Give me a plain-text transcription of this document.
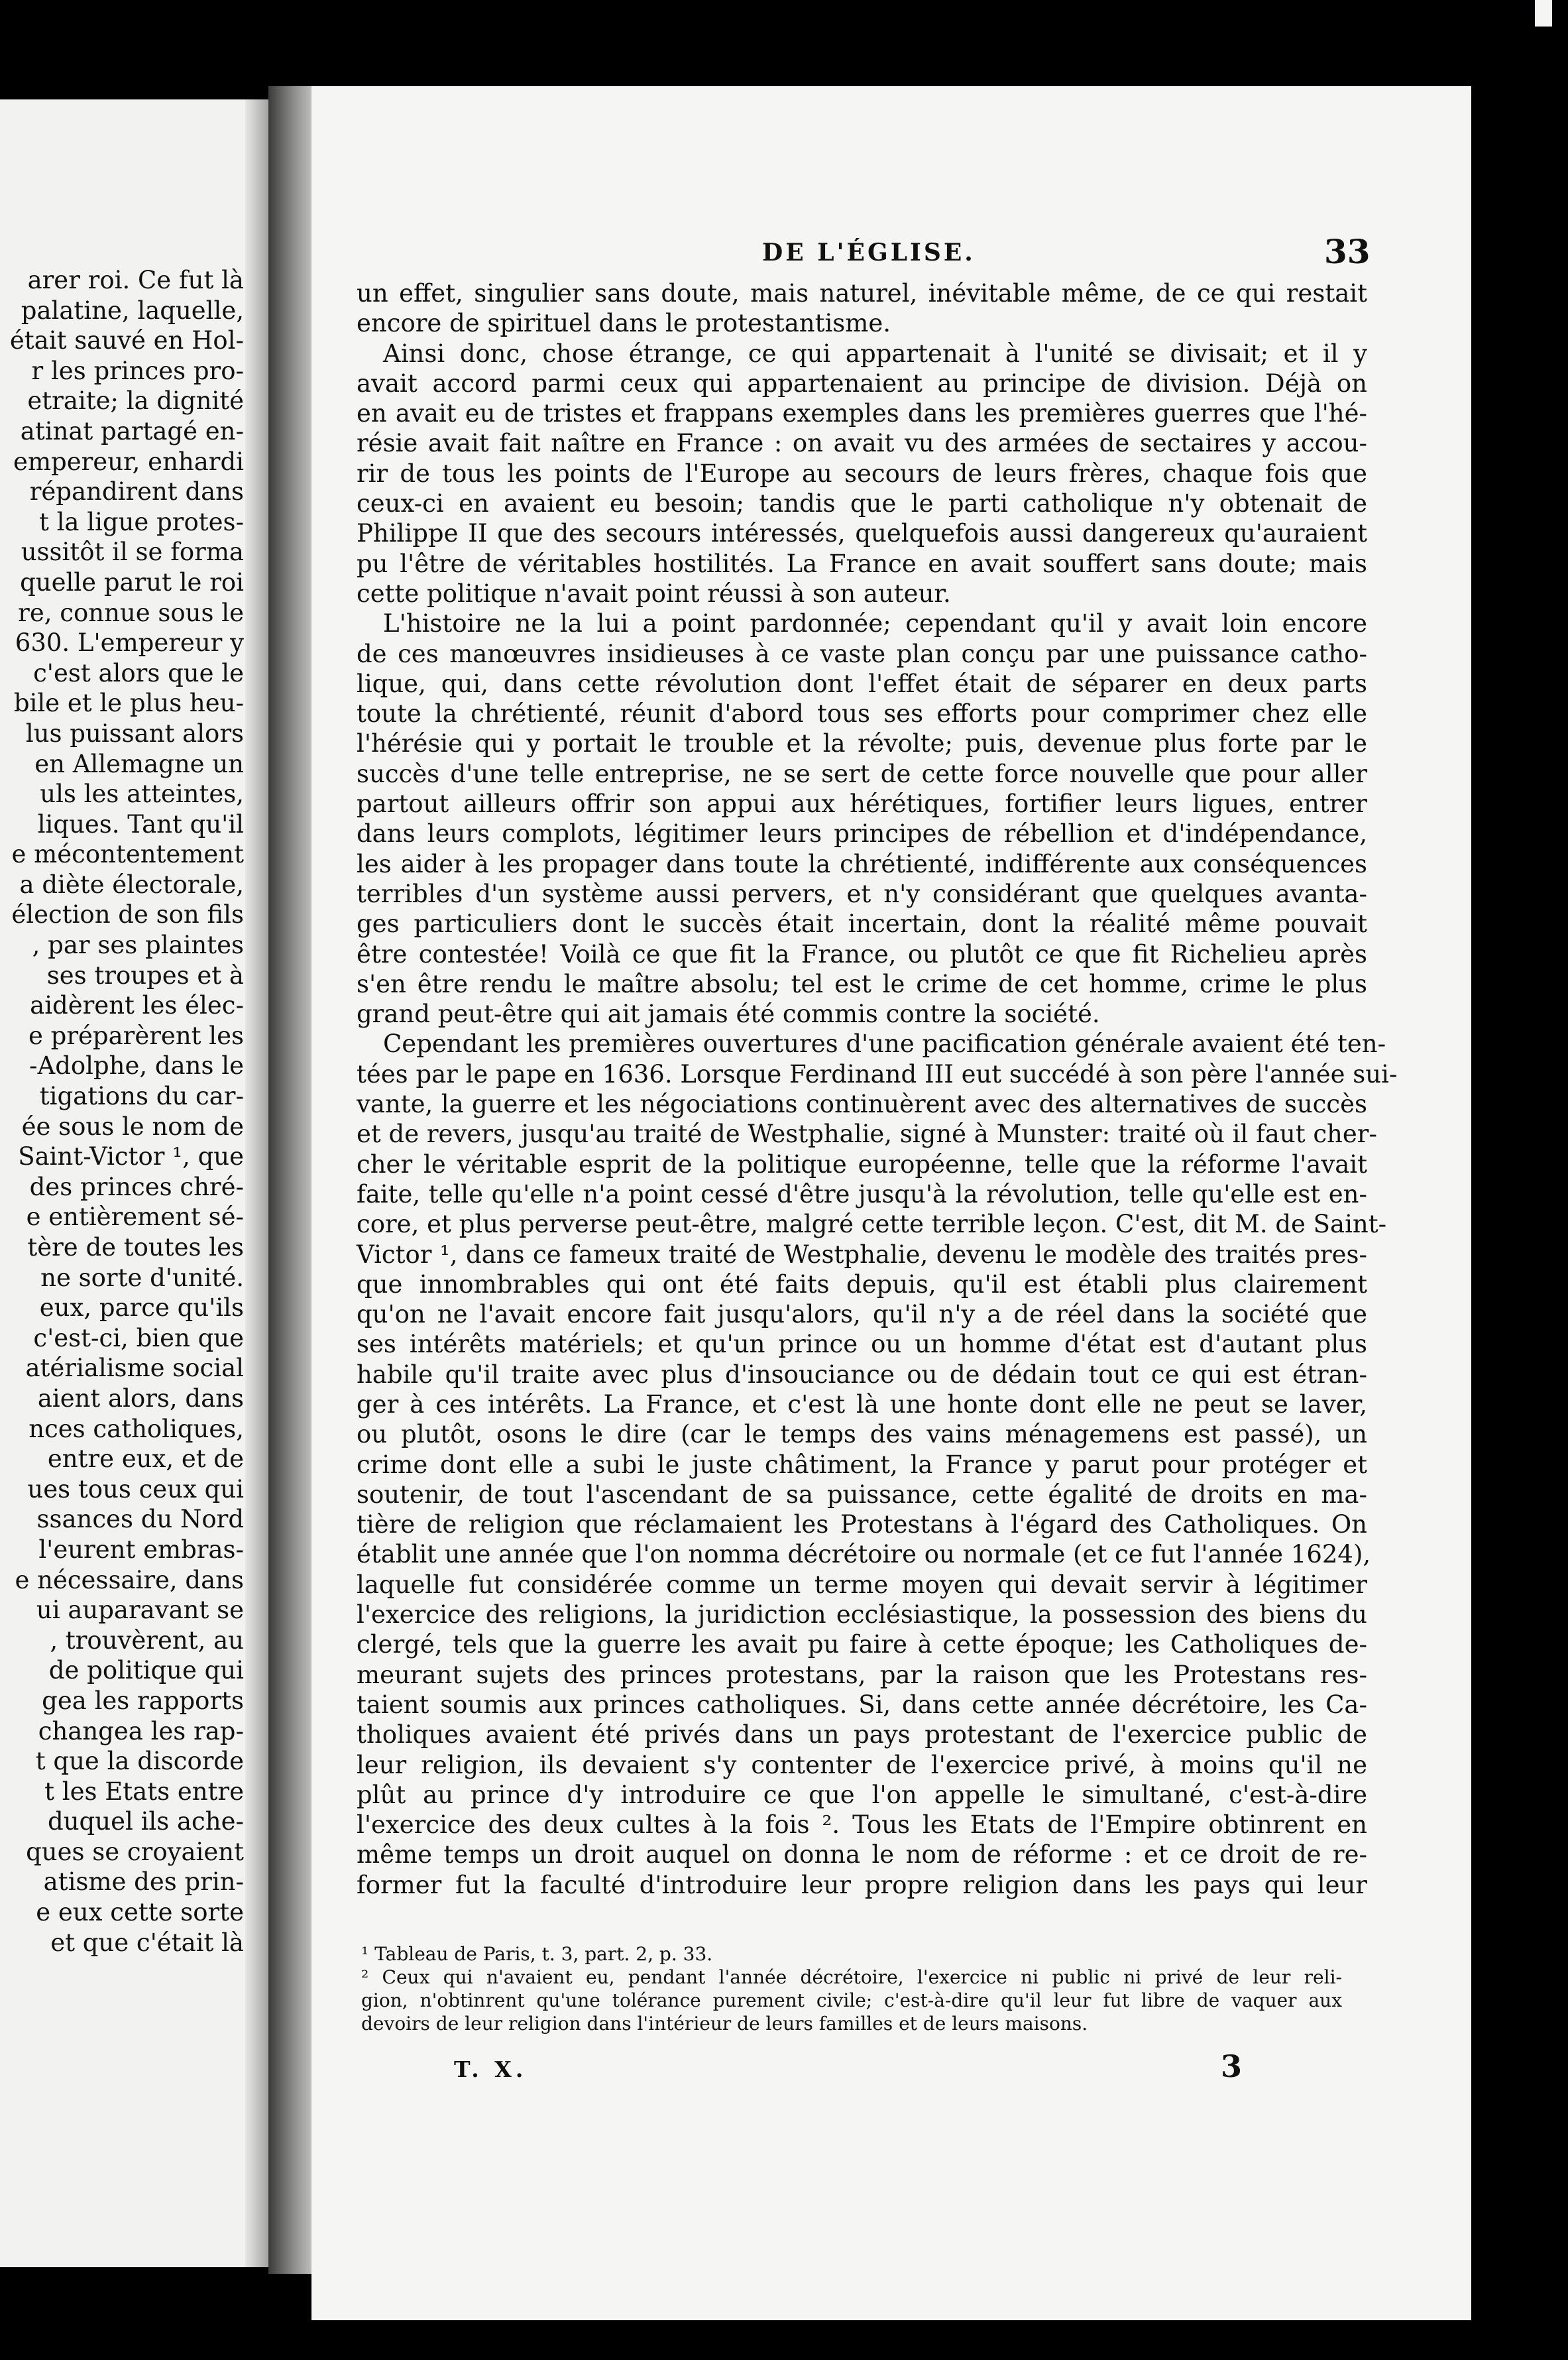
arer roi. Ce fut là
palatine, laquelle,
était sauvé en Hol-
r les princes pro-
etraite; la dignité
atinat partagé en-
empereur, enhardi
répandirent dans
t la ligue protes-
ussitôt il se forma
quelle parut le roi
re, connue sous le
630. L'empereur y
c'est alors que le
bile et le plus heu-
lus puissant alors
en Allemagne un
uls les atteintes,
liques. Tant qu'il
e mécontentement
a diète électorale,
élection de son fils
, par ses plaintes
ses troupes et à
aidèrent les élec-
e préparèrent les
-Adolphe, dans le
tigations du car-
ée sous le nom de
Saint-Victor ¹, que
des princes chré-
e entièrement sé-
tère de toutes les
ne sorte d'unité.
eux, parce qu'ils
c'est-ci, bien que
atérialisme social
aient alors, dans
nces catholiques,
entre eux, et de
ues tous ceux qui
ssances du Nord
l'eurent embras-
e nécessaire, dans
ui auparavant se
, trouvèrent, au
de politique qui
gea les rapports
changea les rap-
t que la discorde
t les Etats entre
duquel ils ache-
ques se croyaient
atisme des prin-
e eux cette sorte
et que c'était là
DE L'ÉGLISE.	33
un effet, singulier sans doute, mais naturel, inévitable même, de ce qui restait
encore de spirituel dans le protestantisme.
Ainsi donc, chose étrange, ce qui appartenait à l'unité se divisait; et il y
avait accord parmi ceux qui appartenaient au principe de division. Déjà on
en avait eu de tristes et frappans exemples dans les premières guerres que l'hé-
résie avait fait naître en France : on avait vu des armées de sectaires y accou-
rir de tous les points de l'Europe au secours de leurs frères, chaque fois que
ceux-ci en avaient eu besoin; tandis que le parti catholique n'y obtenait de
Philippe II que des secours intéressés, quelquefois aussi dangereux qu'auraient
pu l'être de véritables hostilités. La France en avait souffert sans doute; mais
cette politique n'avait point réussi à son auteur.
L'histoire ne la lui a point pardonnée; cependant qu'il y avait loin encore
de ces manœuvres insidieuses à ce vaste plan conçu par une puissance catho-
lique, qui, dans cette révolution dont l'effet était de séparer en deux parts
toute la chrétienté, réunit d'abord tous ses efforts pour comprimer chez elle
l'hérésie qui y portait le trouble et la révolte; puis, devenue plus forte par le
succès d'une telle entreprise, ne se sert de cette force nouvelle que pour aller
partout ailleurs offrir son appui aux hérétiques, fortifier leurs ligues, entrer
dans leurs complots, légitimer leurs principes de rébellion et d'indépendance,
les aider à les propager dans toute la chrétienté, indifférente aux conséquences
terribles d'un système aussi pervers, et n'y considérant que quelques avanta-
ges particuliers dont le succès était incertain, dont la réalité même pouvait
être contestée! Voilà ce que fit la France, ou plutôt ce que fit Richelieu après
s'en être rendu le maître absolu; tel est le crime de cet homme, crime le plus
grand peut-être qui ait jamais été commis contre la société.
Cependant les premières ouvertures d'une pacification générale avaient été ten-
tées par le pape en 1636. Lorsque Ferdinand III eut succédé à son père l'année sui-
vante, la guerre et les négociations continuèrent avec des alternatives de succès
et de revers, jusqu'au traité de Westphalie, signé à Munster: traité où il faut cher-
cher le véritable esprit de la politique européenne, telle que la réforme l'avait
faite, telle qu'elle n'a point cessé d'être jusqu'à la révolution, telle qu'elle est en-
core, et plus perverse peut-être, malgré cette terrible leçon. C'est, dit M. de Saint-
Victor ¹, dans ce fameux traité de Westphalie, devenu le modèle des traités pres-
que innombrables qui ont été faits depuis, qu'il est établi plus clairement
qu'on ne l'avait encore fait jusqu'alors, qu'il n'y a de réel dans la société que
ses intérêts matériels; et qu'un prince ou un homme d'état est d'autant plus
habile qu'il traite avec plus d'insouciance ou de dédain tout ce qui est étran-
ger à ces intérêts. La France, et c'est là une honte dont elle ne peut se laver,
ou plutôt, osons le dire (car le temps des vains ménagemens est passé), un
crime dont elle a subi le juste châtiment, la France y parut pour protéger et
soutenir, de tout l'ascendant de sa puissance, cette égalité de droits en ma-
tière de religion que réclamaient les Protestans à l'égard des Catholiques. On
établit une année que l'on nomma décrétoire ou normale (et ce fut l'année 1624),
laquelle fut considérée comme un terme moyen qui devait servir à légitimer
l'exercice des religions, la juridiction ecclésiastique, la possession des biens du
clergé, tels que la guerre les avait pu faire à cette époque; les Catholiques de-
meurant sujets des princes protestans, par la raison que les Protestans res-
taient soumis aux princes catholiques. Si, dans cette année décrétoire, les Ca-
tholiques avaient été privés dans un pays protestant de l'exercice public de
leur religion, ils devaient s'y contenter de l'exercice privé, à moins qu'il ne
plût au prince d'y introduire ce que l'on appelle le simultané, c'est-à-dire
l'exercice des deux cultes à la fois ². Tous les Etats de l'Empire obtinrent en
même temps un droit auquel on donna le nom de réforme : et ce droit de re-
former fut la faculté d'introduire leur propre religion dans les pays qui leur
¹ Tableau de Paris, t. 3, part. 2, p. 33.
² Ceux qui n'avaient eu, pendant l'année décrétoire, l'exercice ni public ni privé de leur reli-
gion, n'obtinrent qu'une tolérance purement civile; c'est-à-dire qu'il leur fut libre de vaquer aux
devoirs de leur religion dans l'intérieur de leurs familles et de leurs maisons.
T. X.	3
